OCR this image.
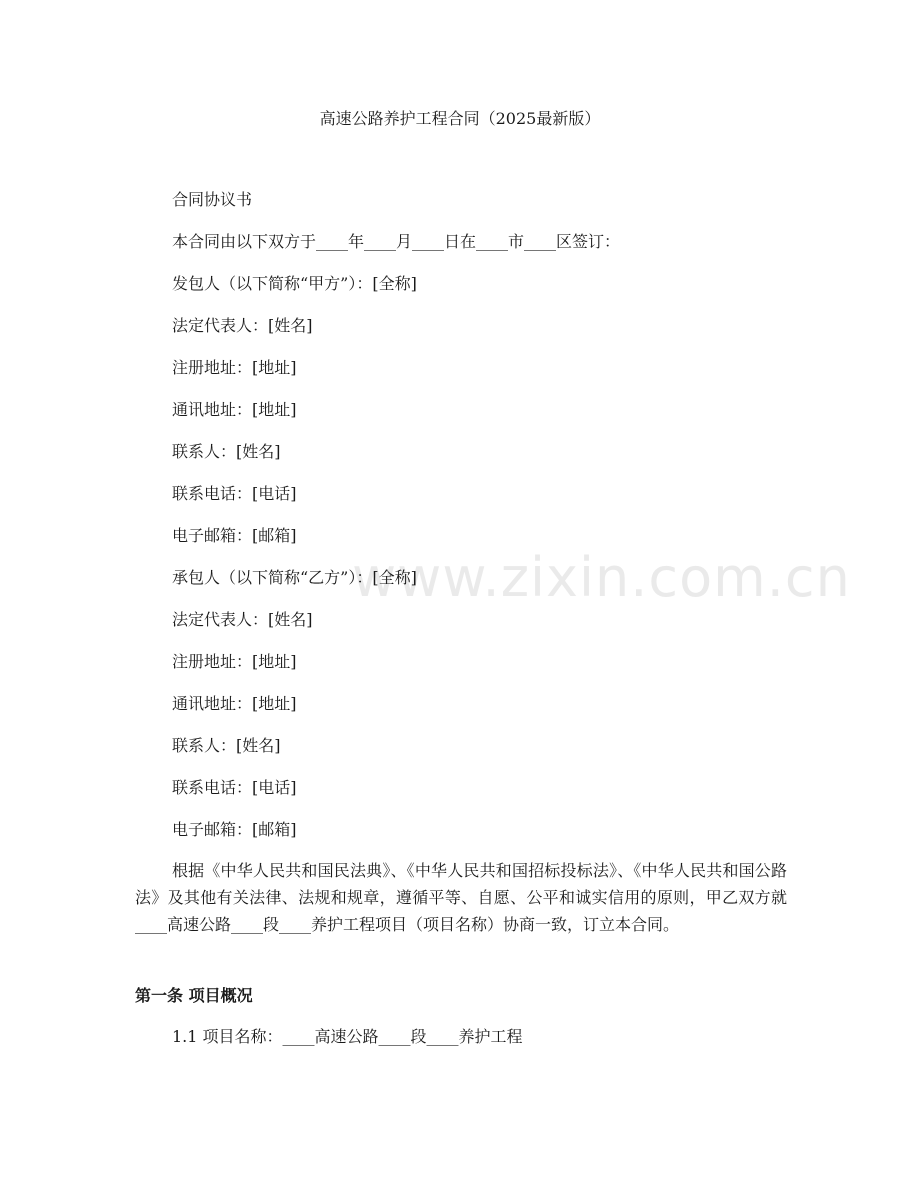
www.zixin.com.cn
高速公路养护工程合同（2025最新版）
合同协议书
本合同由以下双方于____年____月____日在____市____区签订：
发包人（以下简称“甲方”）：[全称]
法定代表人：[姓名]
注册地址：[地址]
通讯地址：[地址]
联系人：[姓名]
联系电话：[电话]
电子邮箱：[邮箱]
承包人（以下简称“乙方”）：[全称]
法定代表人：[姓名]
注册地址：[地址]
通讯地址：[地址]
联系人：[姓名]
联系电话：[电话]
电子邮箱：[邮箱]
根据《中华人民共和国民法典》、《中华人民共和国招标投标法》、《中华人民共和国公路法》及其他有关法律、法规和规章，遵循平等、自愿、公平和诚实信用的原则，甲乙双方就____高速公路____段____养护工程项目（项目名称）协商一致，订立本合同。
第一条 项目概况
1.1 项目名称：____高速公路____段____养护工程
